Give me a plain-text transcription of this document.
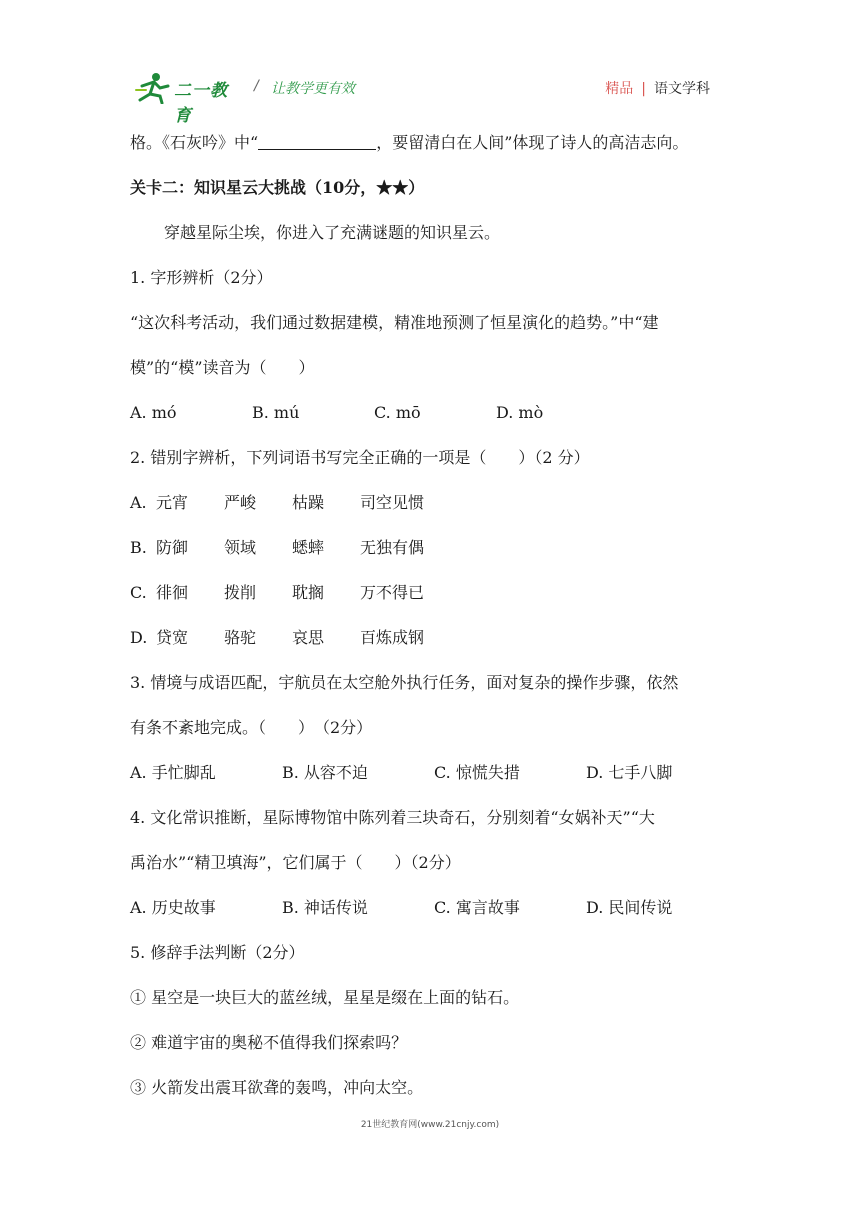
二一教育
/ 让教学更有效	精品 | 语文学科
格。《石灰吟》中“	，要留清白在人间”体现了诗人的高洁志向。
关卡二：知识星云大挑战（10分，★★）
穿越星际尘埃，你进入了充满谜题的知识星云。
1. 字形辨析（2分）
“这次科考活动，我们通过数据建模，精准地预测了恒星演化的趋势。”中“建
模”的“模”读音为（　　）
A. mó	B. mú	C. mō	D. mò
2. 错别字辨析，下列词语书写完全正确的一项是（　　）（2 分）
A. 元宵 严峻 枯躁 司空见惯
B. 防御 领域 蟋蟀 无独有偶
C. 徘徊 拨削 耽搁 万不得已
D. 贷宽 骆驼 哀思 百炼成钢
3. 情境与成语匹配，宇航员在太空舱外执行任务，面对复杂的操作步骤，依然
有条不紊地完成。（　　）　（2分）
A. 手忙脚乱	B. 从容不迫	C. 惊慌失措	D. 七手八脚
4. 文化常识推断，星际博物馆中陈列着三块奇石，分别刻着“女娲补天”“大
禹治水”“精卫填海”，它们属于（　　）（2分）
A. 历史故事	B. 神话传说	C. 寓言故事	D. 民间传说
5. 修辞手法判断（2分）
① 星空是一块巨大的蓝丝绒，星星是缀在上面的钻石。
② 难道宇宙的奥秘不值得我们探索吗？
③ 火箭发出震耳欲聋的轰鸣，冲向太空。
21世纪教育网(www.21cnjy.com)
